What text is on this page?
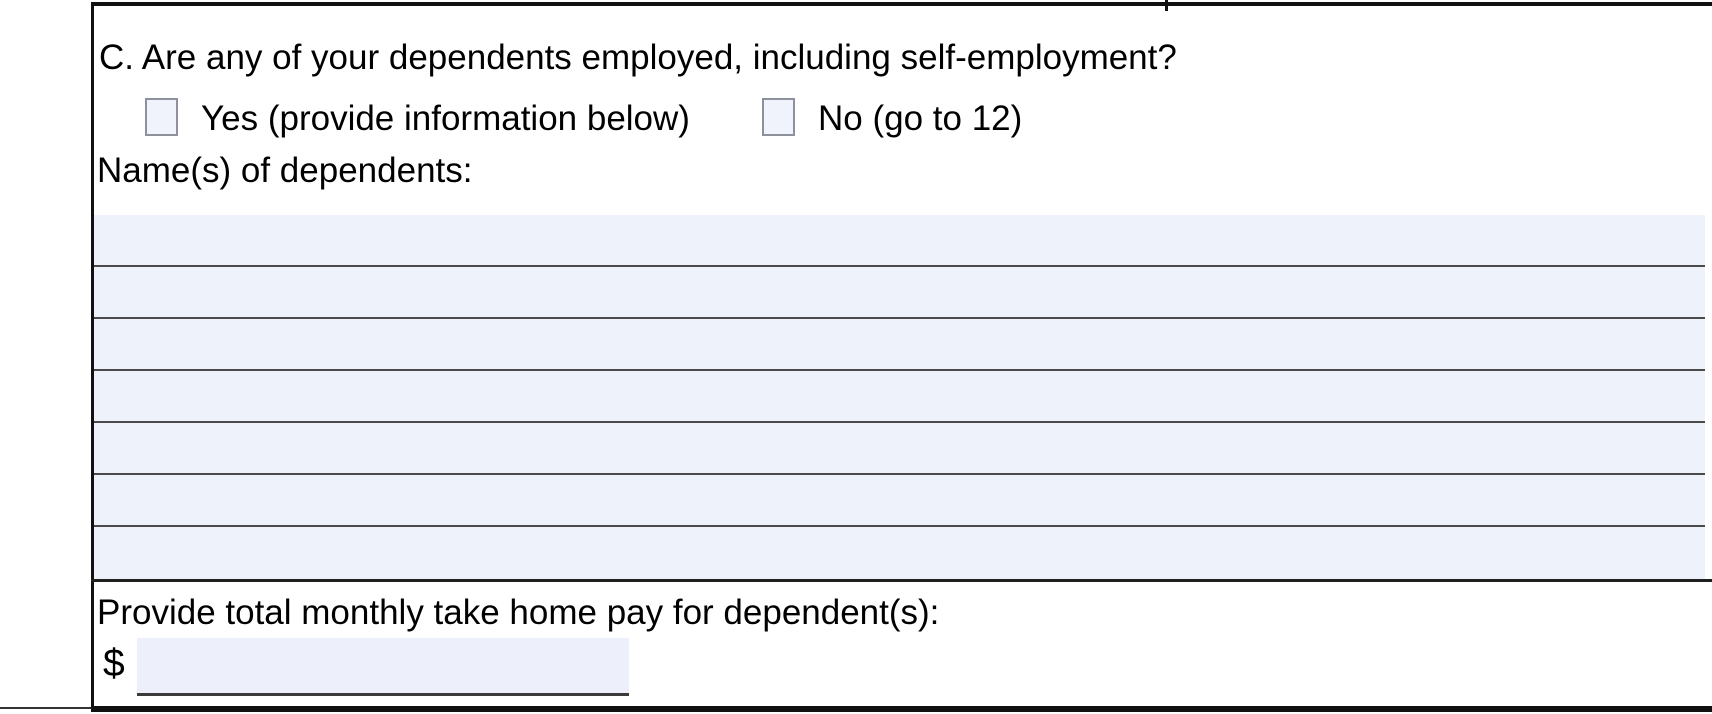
C. Are any of your dependents employed, including self-employment?
Yes (provide information below)	No (go to 12)
Name(s) of dependents:
Provide total monthly take home pay for dependent(s):
$
